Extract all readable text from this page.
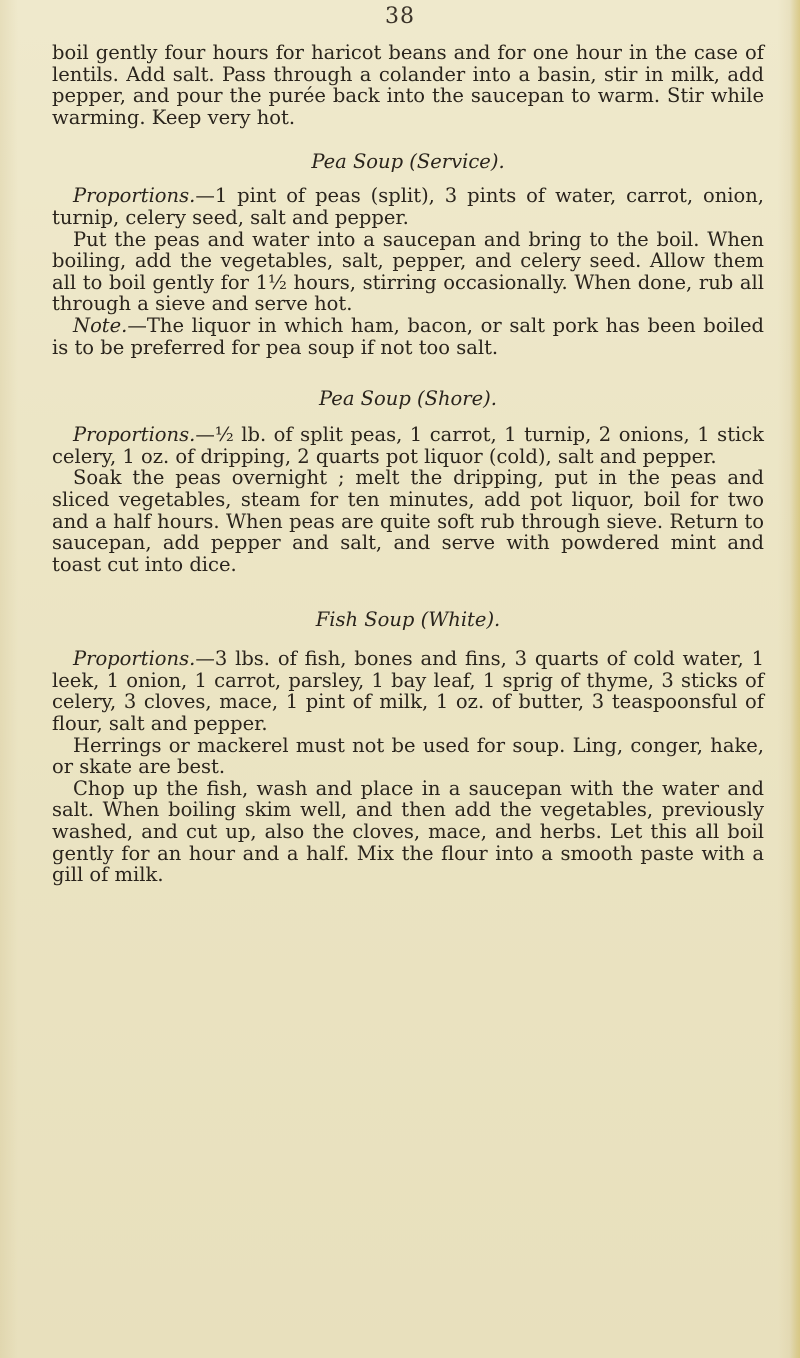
38

boil gently four hours for haricot beans and for one hour in the case of lentils. Add salt. Pass through a colander into a basin, stir in milk, add pepper, and pour the purée back into the saucepan to warm. Stir while warming. Keep very hot.

Pea Soup (Service).

Proportions.—1 pint of peas (split), 3 pints of water, carrot, onion, turnip, celery seed, salt and pepper.

Put the peas and water into a saucepan and bring to the boil. When boiling, add the vegetables, salt, pepper, and celery seed. Allow them all to boil gently for 1½ hours, stirring occasionally. When done, rub all through a sieve and serve hot.

Note.—The liquor in which ham, bacon, or salt pork has been boiled is to be preferred for pea soup if not too salt.

Pea Soup (Shore).

Proportions.—½ lb. of split peas, 1 carrot, 1 turnip, 2 onions, 1 stick celery, 1 oz. of dripping, 2 quarts pot liquor (cold), salt and pepper.

Soak the peas overnight ; melt the dripping, put in the peas and sliced vegetables, steam for ten minutes, add pot liquor, boil for two and a half hours. When peas are quite soft rub through sieve. Return to saucepan, add pepper and salt, and serve with powdered mint and toast cut into dice.

Fish Soup (White).

Proportions.—3 lbs. of fish, bones and fins, 3 quarts of cold water, 1 leek, 1 onion, 1 carrot, parsley, 1 bay leaf, 1 sprig of thyme, 3 sticks of celery, 3 cloves, mace, 1 pint of milk, 1 oz. of butter, 3 teaspoonsful of flour, salt and pepper.

Herrings or mackerel must not be used for soup. Ling, conger, hake, or skate are best.

Chop up the fish, wash and place in a saucepan with the water and salt. When boiling skim well, and then add the vegetables, previously washed, and cut up, also the cloves, mace, and herbs. Let this all boil gently for an hour and a half. Mix the flour into a smooth paste with a gill of milk.
